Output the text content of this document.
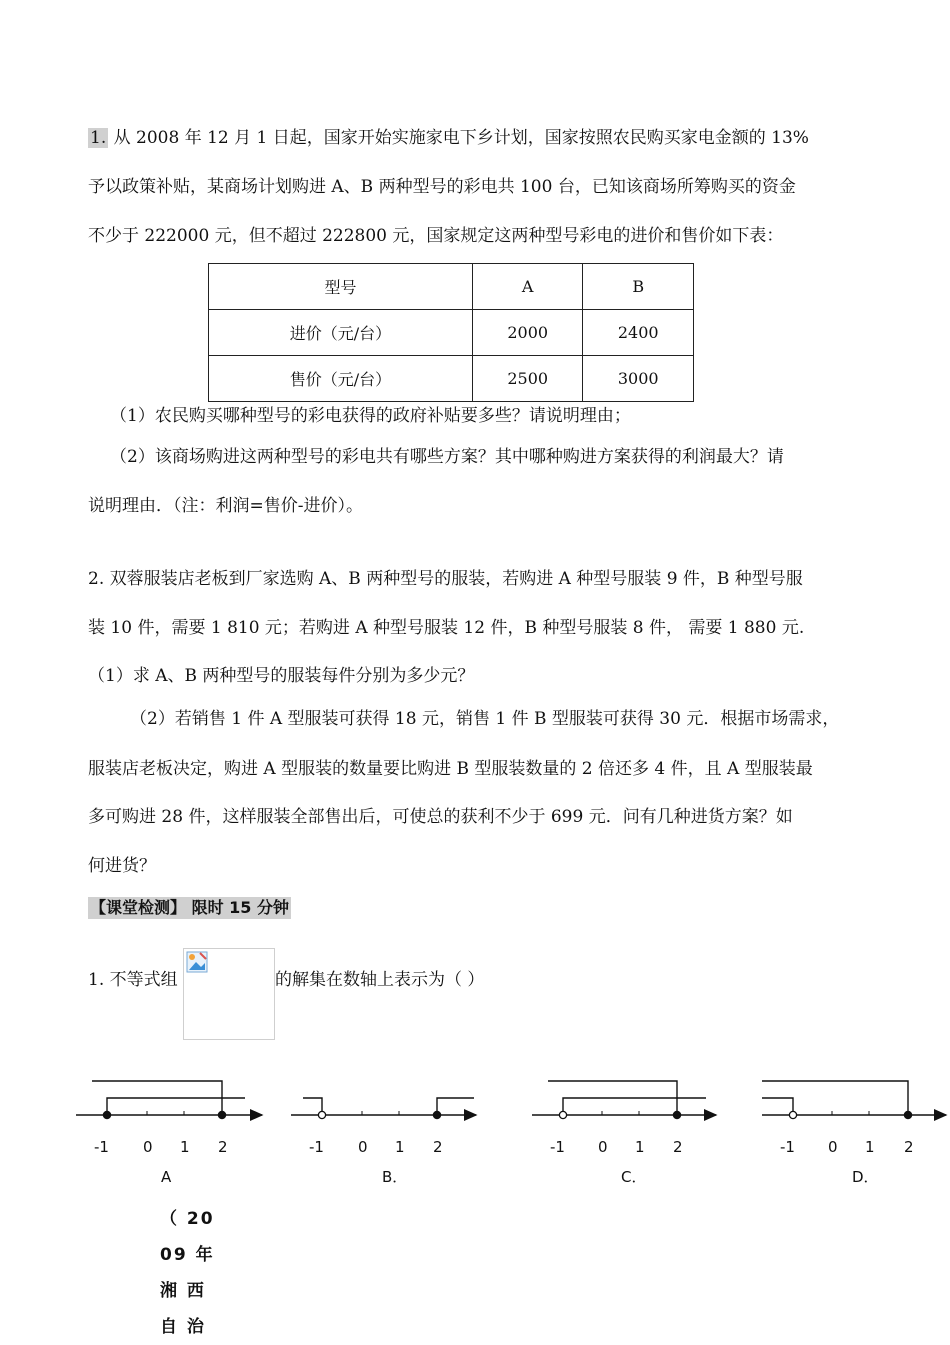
1. 从 2008 年 12 月 1 日起，国家开始实施家电下乡计划，国家按照农民购买家电金额的 13%
予以政策补贴，某商场计划购进 A、B 两种型号的彩电共 100 台，已知该商场所筹购买的资金
不少于 222000 元，但不超过 222800 元，国家规定这两种型号彩电的进价和售价如下表：
型号	A	B
进价（元/台）	2000	2400
售价（元/台）	2500	3000
（1）农民购买哪种型号的彩电获得的政府补贴要多些？请说明理由；
（2）该商场购进这两种型号的彩电共有哪些方案？其中哪种购进方案获得的利润最大？请
说明理由．（注：利润=售价-进价）。
2. 双蓉服装店老板到厂家选购 A、B 两种型号的服装，若购进 A 种型号服装 9 件，B 种型号服
装 10 件，需要 1 810 元；若购进 A 种型号服装 12 件，B 种型号服装 8 件， 需要 1 880 元.
（1）求 A、B 两种型号的服装每件分别为多少元？
（2）若销售 1 件 A 型服装可获得 18 元，销售 1 件 B 型服装可获得 30 元．根据市场需求，
服装店老板决定，购进 A 型服装的数量要比购进 B 型服装数量的 2 倍还多 4 件，且 A 型服装最
多可购进 28 件，这样服装全部售出后，可使总的获利不少于 699 元．问有几种进货方案？如
何进货？
【课堂检测】 限时 15 分钟
1. 不等式组	的解集在数轴上表示为（ ）
-1 0 1 2
A
-1 0 1 2
B．
-1 0 1 2
C．
-1 0 1 2
D．
（ 20
09 年
湘 西
自 治
